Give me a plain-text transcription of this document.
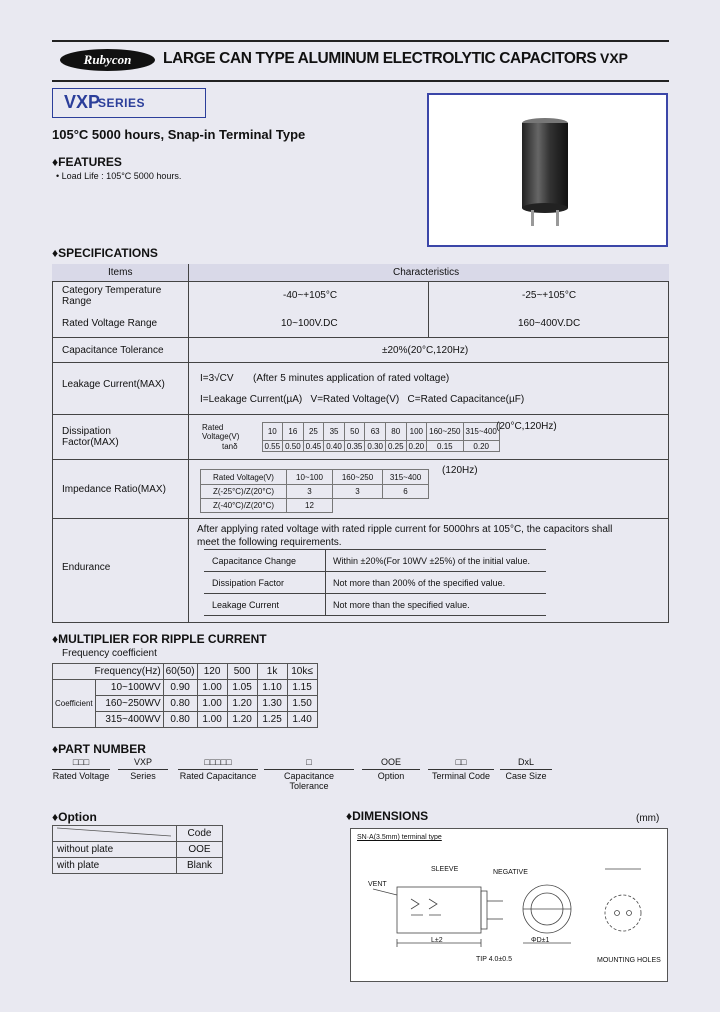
Rubycon	LARGE CAN TYPE ALUMINUM ELECTROLYTIC CAPACITORS VXP
VXP
SERIES
105°C 5000 hours, Snap-in Terminal Type
♦FEATURES
• Load Life : 105°C 5000 hours.
♦SPECIFICATIONS
Items	Characteristics
Category Temperature Range
-40~+105°C	-25~+105°C
Rated Voltage Range	10~100V.DC	160~400V.DC
Capacitance Tolerance	±20%(20°C,120Hz)
Leakage Current(MAX)
I=3√CV (After 5 minutes application of rated voltage)
I=Leakage Current(µA)   V=Rated Voltage(V)   C=Rated Capacitance(µF)
Dissipation Factor(MAX)
Rated Voltage(V)	10	16	25	35	50	63	80	100	160~250	315~400
tanδ	0.55	0.50	0.45	0.40	0.35	0.30	0.25	0.20	0.15	0.20
(20°C,120Hz)
Impedance Ratio(MAX)
Rated Voltage(V)	10~100	160~250	315~400
Z(-25°C)/Z(20°C)	3	3	6
Z(-40°C)/Z(20°C)	12		
(120Hz)
Endurance
After applying rated voltage with rated ripple current for 5000hrs at 105°C, the capacitors shall
meet the following requirements.
Capacitance Change	Within ±20%(For 10WV ±25%) of the initial value.
Dissipation Factor	Not more than 200% of the specified value.
Leakage Current	Not more than the specified value.
♦MULTIPLIER FOR RIPPLE CURRENT
Frequency coefficient
Frequency(Hz)		60(50)	120	500	1k	10k≤
Coefficient	10~100WV	0.90	1.00	1.05	1.10	1.15
	160~250WV	0.80	1.00	1.20	1.30	1.50
	315~400WV	0.80	1.00	1.20	1.25	1.40
♦PART NUMBER
□□□
Rated Voltage
VXP
Series
□□□□□
Rated Capacitance
□
Capacitance Tolerance
OOE
Option
□□
Terminal Code
DxL
Case Size
♦Option
	Code
without plate	OOE
with plate	Blank
♦DIMENSIONS	(mm)
SN·A(3.5mm) terminal type
VENT
SLEEVE	NEGATIVE
L±2	ΦD±1
TIP 4.0±0.5	MOUNTING HOLES
